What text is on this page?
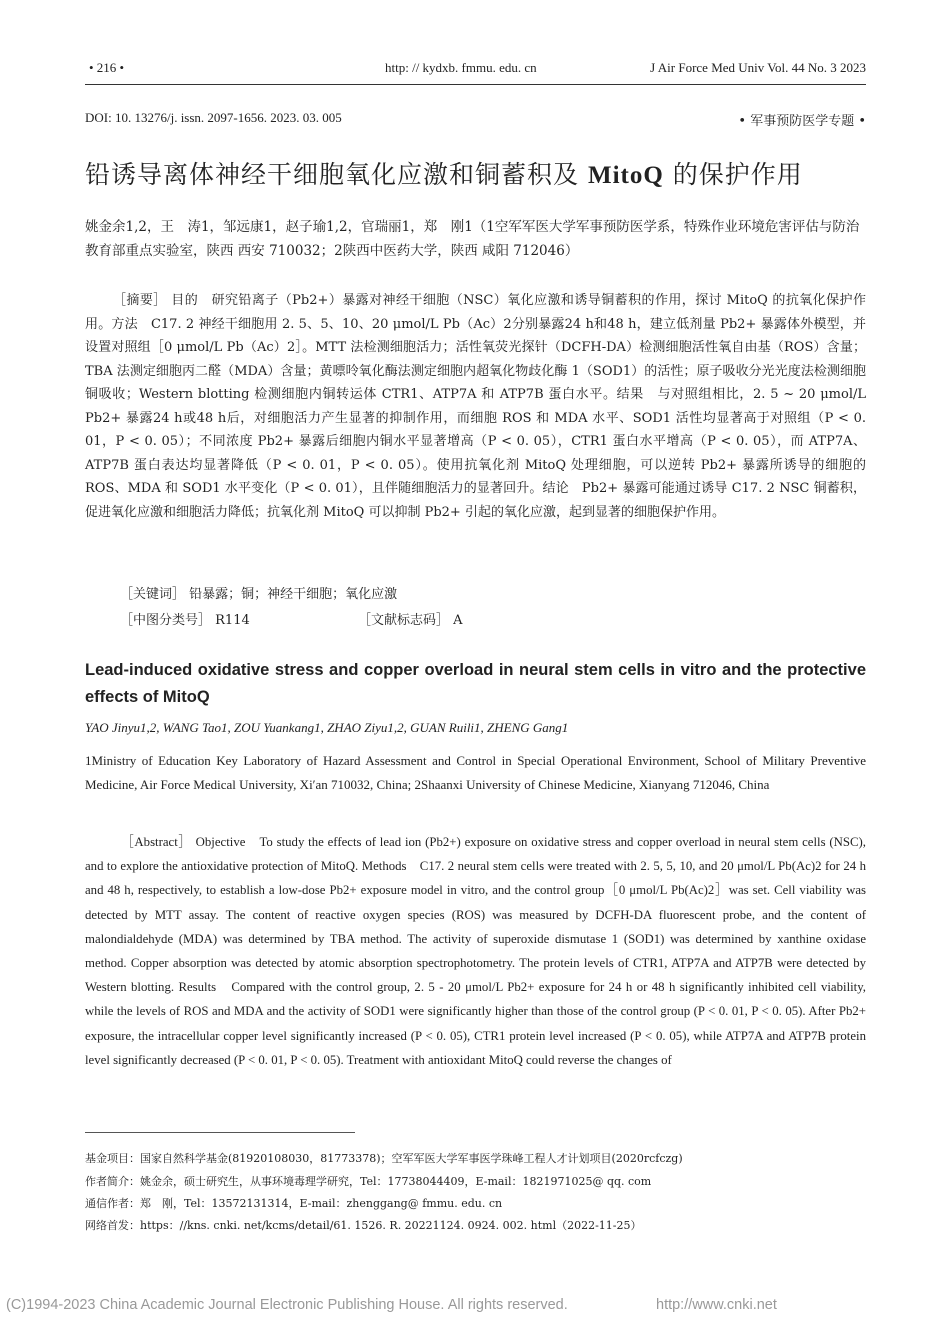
• 216 •	http: // kydxb. fmmu. edu. cn	J Air Force Med Univ Vol. 44 No. 3 2023
DOI: 10. 13276/j. issn. 2097-1656. 2023. 03. 005	• 军事预防医学专题 •
铅诱导离体神经干细胞氧化应激和铜蓄积及 MitoQ 的保护作用
姚金余1,2，王　涛1，邹远康1，赵子瑜1,2，官瑞丽1，郑　刚1（1空军军医大学军事预防医学系，特殊作业环境危害评估与防治教育部重点实验室，陕西 西安 710032；2陕西中医药大学，陕西 咸阳 712046）
［摘要］ 目的　研究铅离子（Pb2+）暴露对神经干细胞（NSC）氧化应激和诱导铜蓄积的作用，探讨 MitoQ 的抗氧化保护作用。方法　C17. 2 神经干细胞用 2. 5、5、10、20 μmol/L Pb（Ac）2分别暴露24 h和48 h，建立低剂量 Pb2+ 暴露体外模型，并设置对照组［0 μmol/L Pb（Ac）2］。MTT 法检测细胞活力；活性氧荧光探针（DCFH-DA）检测细胞活性氧自由基（ROS）含量；TBA 法测定细胞丙二醛（MDA）含量；黄嘌呤氧化酶法测定细胞内超氧化物歧化酶 1（SOD1）的活性；原子吸收分光光度法检测细胞铜吸收；Western blotting 检测细胞内铜转运体 CTR1、ATP7A 和 ATP7B 蛋白水平。结果　与对照组相比，2. 5 ~ 20 μmol/L Pb2+ 暴露24 h或48 h后，对细胞活力产生显著的抑制作用，而细胞 ROS 和 MDA 水平、SOD1 活性均显著高于对照组（P < 0. 01，P < 0. 05）；不同浓度 Pb2+ 暴露后细胞内铜水平显著增高（P < 0. 05），CTR1 蛋白水平增高（P < 0. 05），而 ATP7A、ATP7B 蛋白表达均显著降低（P < 0. 01，P < 0. 05）。使用抗氧化剂 MitoQ 处理细胞，可以逆转 Pb2+ 暴露所诱导的细胞的 ROS、MDA 和 SOD1 水平变化（P < 0. 01），且伴随细胞活力的显著回升。结论　Pb2+ 暴露可能通过诱导 C17. 2 NSC 铜蓄积，促进氧化应激和细胞活力降低；抗氧化剂 MitoQ 可以抑制 Pb2+ 引起的氧化应激，起到显著的细胞保护作用。
［关键词］ 铅暴露；铜；神经干细胞；氧化应激
［中图分类号］ R114	［文献标志码］ A
Lead-induced oxidative stress and copper overload in neural stem cells in vitro and the protective effects of MitoQ
YAO Jinyu1,2, WANG Tao1, ZOU Yuankang1, ZHAO Ziyu1,2, GUAN Ruili1, ZHENG Gang1
1Ministry of Education Key Laboratory of Hazard Assessment and Control in Special Operational Environment, School of Military Preventive Medicine, Air Force Medical University, Xi′an 710032, China; 2Shaanxi University of Chinese Medicine, Xianyang 712046, China
［Abstract］ Objective　To study the effects of lead ion (Pb2+) exposure on oxidative stress and copper overload in neural stem cells (NSC), and to explore the antioxidative protection of MitoQ. Methods　C17. 2 neural stem cells were treated with 2. 5, 5, 10, and 20 μmol/L Pb(Ac)2 for 24 h and 48 h, respectively, to establish a low-dose Pb2+ exposure model in vitro, and the control group［0 μmol/L Pb(Ac)2］was set. Cell viability was detected by MTT assay. The content of reactive oxygen species (ROS) was measured by DCFH-DA fluorescent probe, and the content of malondialdehyde (MDA) was determined by TBA method. The activity of superoxide dismutase 1 (SOD1) was determined by xanthine oxidase method. Copper absorption was detected by atomic absorption spectrophotometry. The protein levels of CTR1, ATP7A and ATP7B were detected by Western blotting. Results　Compared with the control group, 2. 5 - 20 μmol/L Pb2+ exposure for 24 h or 48 h significantly inhibited cell viability, while the levels of ROS and MDA and the activity of SOD1 were significantly higher than those of the control group (P < 0. 01, P < 0. 05). After Pb2+ exposure, the intracellular copper level significantly increased (P < 0. 05), CTR1 protein level increased (P < 0. 05), while ATP7A and ATP7B protein level significantly decreased (P < 0. 01, P < 0. 05). Treatment with antioxidant MitoQ could reverse the changes of
基金项目：国家自然科学基金(81920108030，81773378)；空军军医大学军事医学珠峰工程人才计划项目(2020rcfczg)
作者简介：姚金余，硕士研究生，从事环境毒理学研究，Tel：17738044409，E-mail：1821971025@ qq. com
通信作者：郑　刚，Tel：13572131314，E-mail：zhenggang@ fmmu. edu. cn
网络首发：https：//kns. cnki. net/kcms/detail/61. 1526. R. 20221124. 0924. 002. html（2022-11-25）
(C)1994-2023 China Academic Journal Electronic Publishing House. All rights reserved.	http://www.cnki.net
